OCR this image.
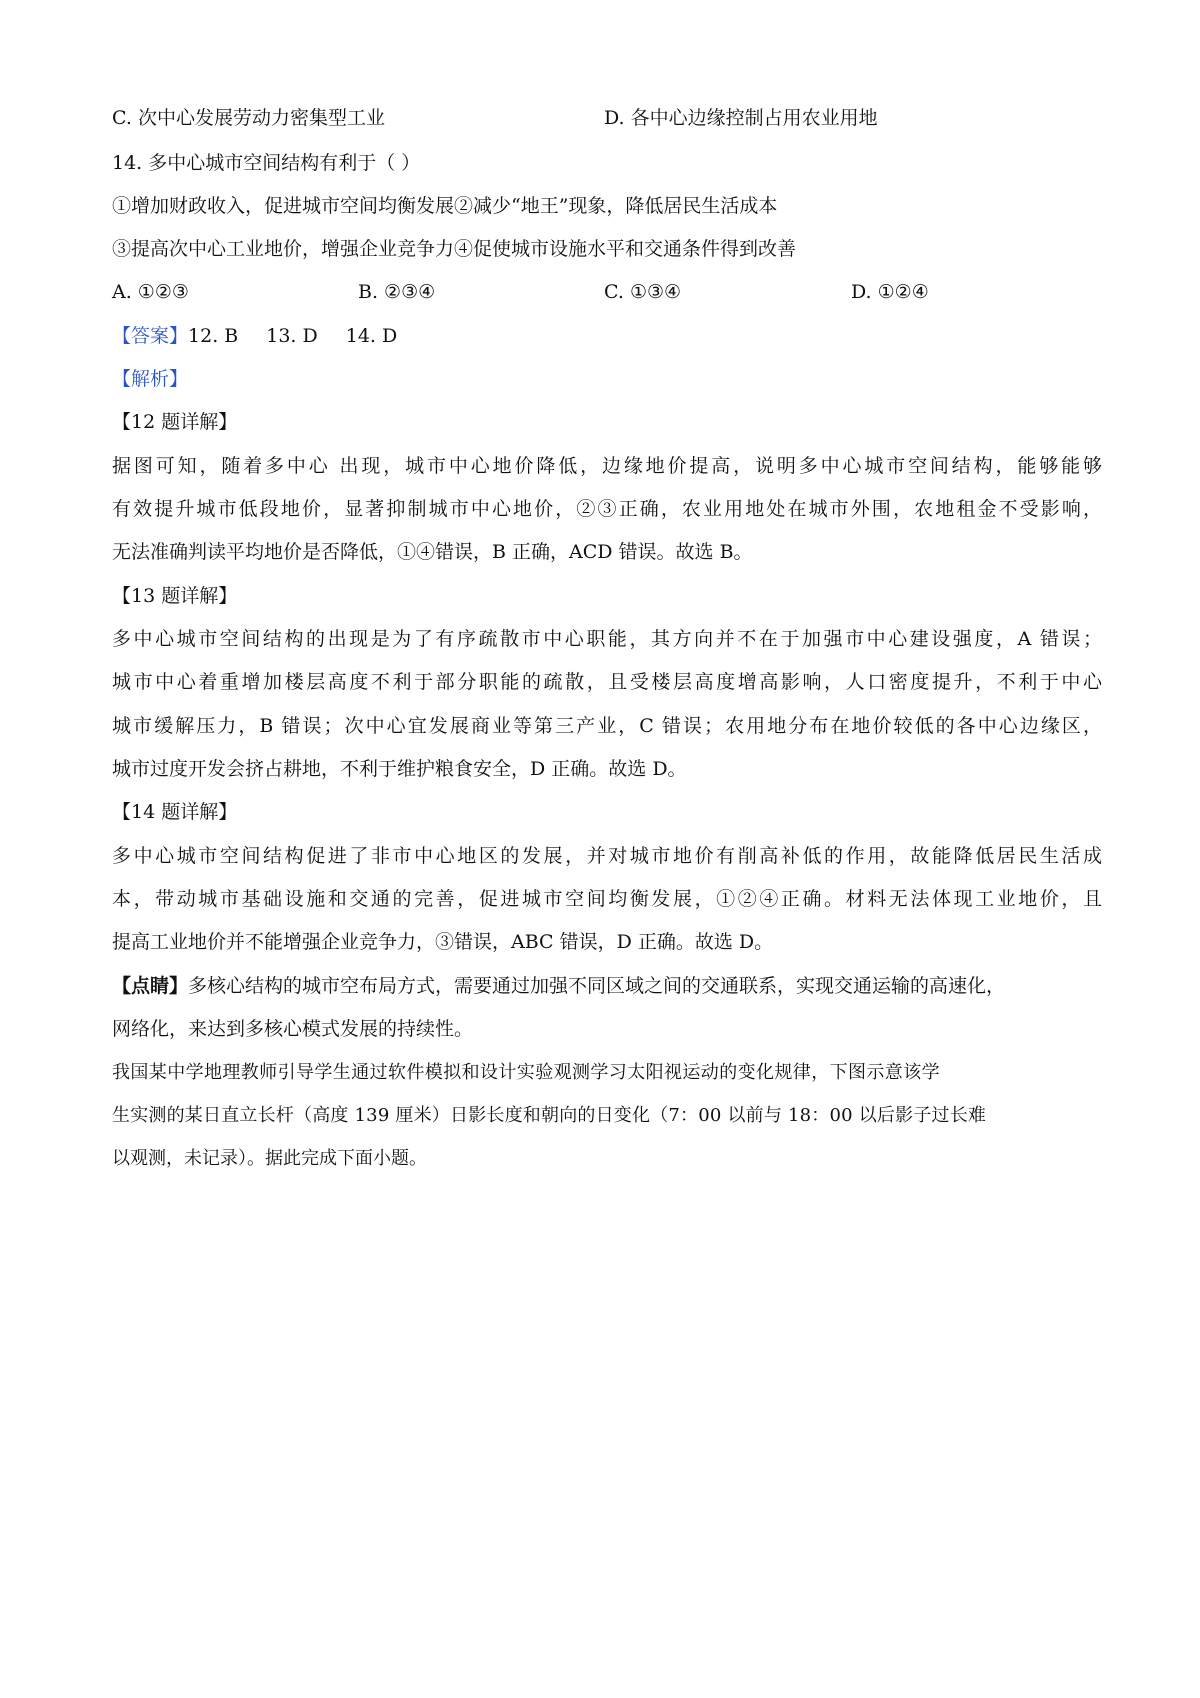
C. 次中心发展劳动力密集型工业	D. 各中心边缘控制占用农业用地
14. 多中心城市空间结构有利于（ ）
①增加财政收入，促进城市空间均衡发展②减少“地王”现象，降低居民生活成本
③提高次中心工业地价，增强企业竞争力④促使城市设施水平和交通条件得到改善
A. ①②③	B. ②③④	C. ①③④	D. ①②④
【答案】12. B 13. D 14. D
【解析】
【12 题详解】
据图可知，随着多中心 出现，城市中心地价降低，边缘地价提高，说明多中心城市空间结构，能够能够
有效提升城市低段地价，显著抑制城市中心地价，②③正确，农业用地处在城市外围，农地租金不受影响，
无法准确判读平均地价是否降低，①④错误，B 正确，ACD 错误。故选 B。
【13 题详解】
多中心城市空间结构的出现是为了有序疏散市中心职能，其方向并不在于加强市中心建设强度，A 错误；
城市中心着重增加楼层高度不利于部分职能的疏散，且受楼层高度增高影响，人口密度提升，不利于中心
城市缓解压力，B 错误；次中心宜发展商业等第三产业，C 错误；农用地分布在地价较低的各中心边缘区，
城市过度开发会挤占耕地，不利于维护粮食安全，D 正确。故选 D。
【14 题详解】
多中心城市空间结构促进了非市中心地区的发展，并对城市地价有削高补低的作用，故能降低居民生活成
本，带动城市基础设施和交通的完善，促进城市空间均衡发展，①②④正确。材料无法体现工业地价，且
提高工业地价并不能增强企业竞争力，③错误，ABC 错误，D 正确。故选 D。
【点睛】多核心结构的城市空布局方式，需要通过加强不同区域之间的交通联系，实现交通运输的高速化，
网络化，来达到多核心模式发展的持续性。
我国某中学地理教师引导学生通过软件模拟和设计实验观测学习太阳视运动的变化规律，下图示意该学
生实测的某日直立长杆（高度 139 厘米）日影长度和朝向的日变化（7：00 以前与 18：00 以后影子过长难
以观测，未记录）。据此完成下面小题。
